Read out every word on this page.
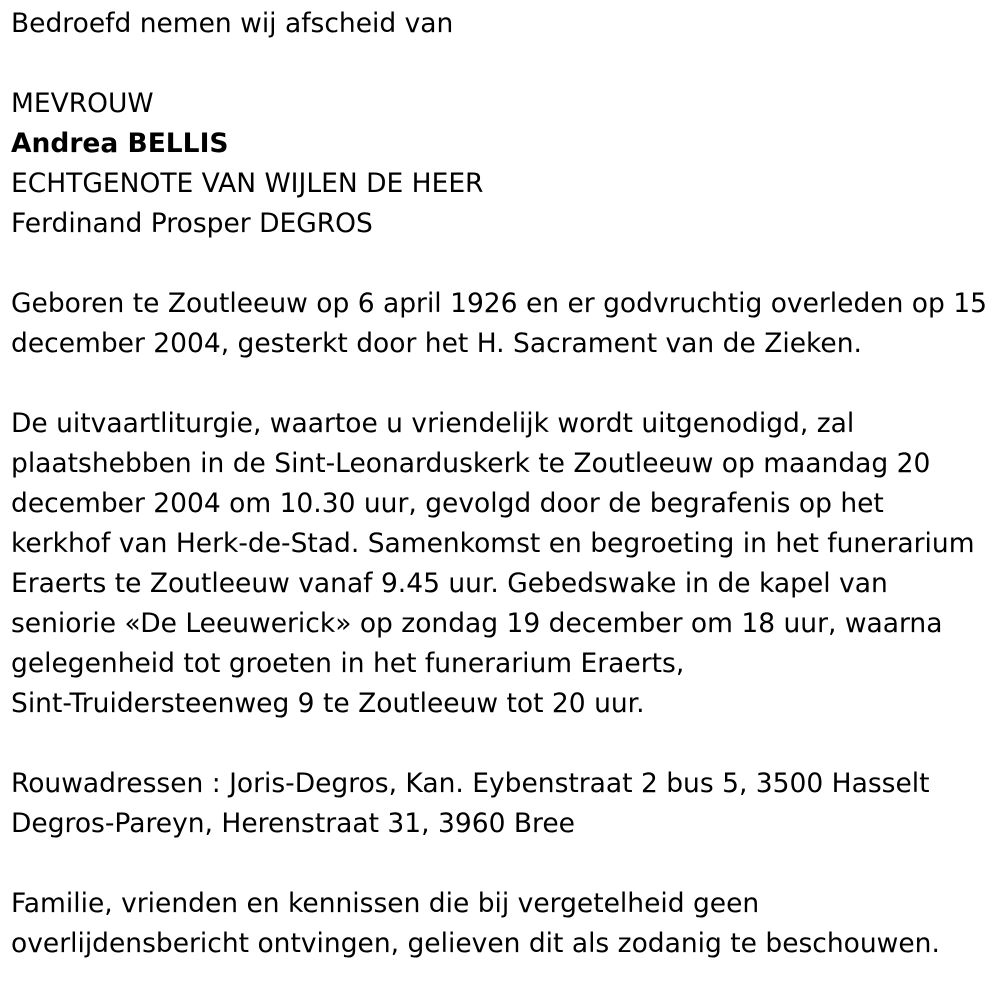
Bedroefd nemen wij afscheid van
MEVROUW
Andrea BELLIS
ECHTGENOTE VAN WIJLEN DE HEER
Ferdinand Prosper DEGROS
Geboren te Zoutleeuw op 6 april 1926 en er godvruchtig overleden op 15
december 2004, gesterkt door het H. Sacrament van de Zieken.
De uitvaartliturgie, waartoe u vriendelijk wordt uitgenodigd, zal
plaatshebben in de Sint-Leonarduskerk te Zoutleeuw op maandag 20
december 2004 om 10.30 uur, gevolgd door de begrafenis op het
kerkhof van Herk-de-Stad. Samenkomst en begroeting in het funerarium
Eraerts te Zoutleeuw vanaf 9.45 uur. Gebedswake in de kapel van
seniorie «De Leeuwerick» op zondag 19 december om 18 uur, waarna
gelegenheid tot groeten in het funerarium Eraerts,
Sint-Truidersteenweg 9 te Zoutleeuw tot 20 uur.
Rouwadressen : Joris-Degros, Kan. Eybenstraat 2 bus 5, 3500 Hasselt
Degros-Pareyn, Herenstraat 31, 3960 Bree
Familie, vrienden en kennissen die bij vergetelheid geen
overlijdensbericht ontvingen, gelieven dit als zodanig te beschouwen.
